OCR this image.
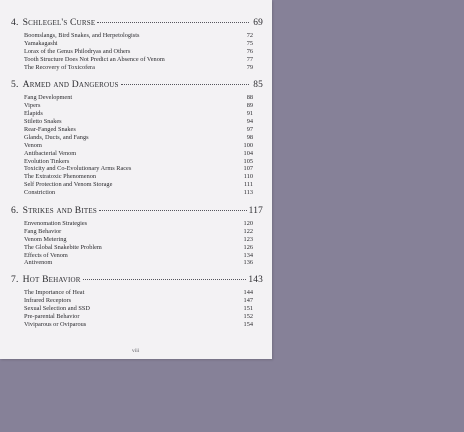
4. Schlegel's Curse	69
Boomslangs, Bird Snakes, and Herpetologists	72
Yamakagashi	75
Lorax of the Genus Philodryas and Others	76
Tooth Structure Does Not Predict an Absence of Venom	77
The Recovery of Toxicofera	79
5. Armed and Dangerous	85
Fang Development	88
Vipers	89
Elapids	91
Stiletto Snakes	94
Rear-Fanged Snakes	97
Glands, Ducts, and Fangs	98
Venom	100
Antibacterial Venom	104
Evolution Tinkers	105
Toxicity and Co-Evolutionary Arms Races	107
The Extratoxic Phenomenon	110
Self Protection and Venom Storage	111
Constriction	113
6. Strikes and Bites	117
Envenomation Strategies	120
Fang Behavior	122
Venom Metering	123
The Global Snakebite Problem	126
Effects of Venom	134
Antivenom	136
7. Hot Behavior	143
The Importance of Heat	144
Infrared Receptors	147
Sexual Selection and SSD	151
Pre-parental Behavior	152
Viviparous or Oviparous	154
viii
